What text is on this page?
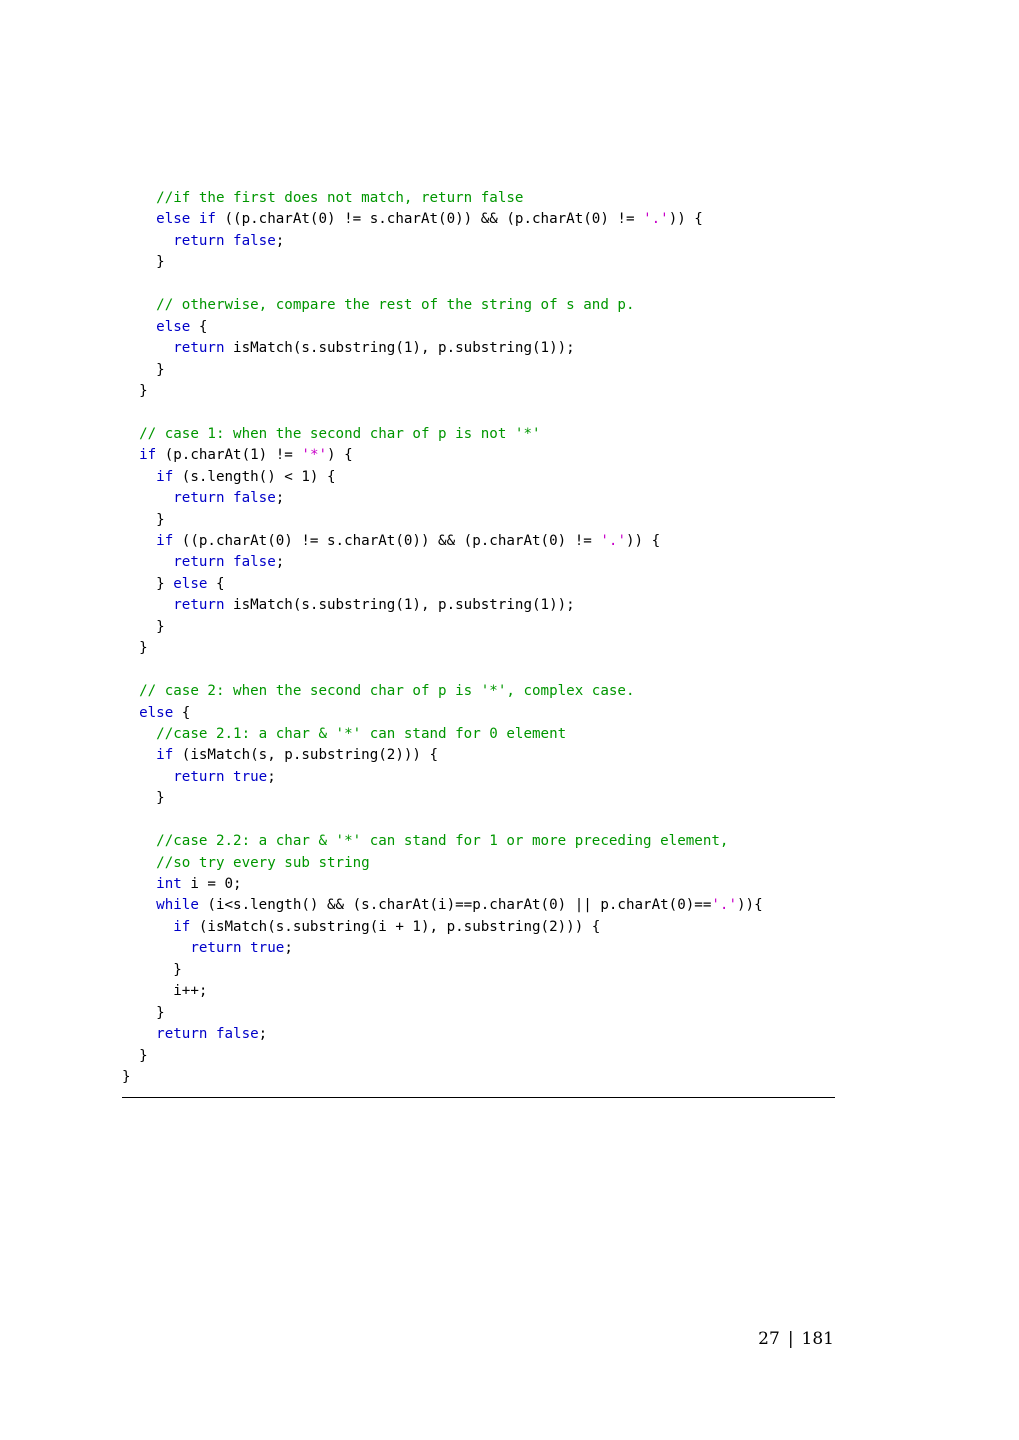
//if the first does not match, return false
else if ((p.charAt(0) != s.charAt(0)) && (p.charAt(0) != '.')) {
return false;
}
// otherwise, compare the rest of the string of s and p.
else {
return isMatch(s.substring(1), p.substring(1));
}
}
// case 1: when the second char of p is not '*'
if (p.charAt(1) != '*') {
if (s.length() < 1) {
return false;
}
if ((p.charAt(0) != s.charAt(0)) && (p.charAt(0) != '.')) {
return false;
} else {
return isMatch(s.substring(1), p.substring(1));
}
}
// case 2: when the second char of p is '*', complex case.
else {
//case 2.1: a char & '*' can stand for 0 element
if (isMatch(s, p.substring(2))) {
return true;
}
//case 2.2: a char & '*' can stand for 1 or more preceding element,
//so try every sub string
int i = 0;
while (i<s.length() && (s.charAt(i)==p.charAt(0) || p.charAt(0)=='.')){
if (isMatch(s.substring(i + 1), p.substring(2))) {
return true;
}
i++;
}
return false;
}
}
27 | 181
